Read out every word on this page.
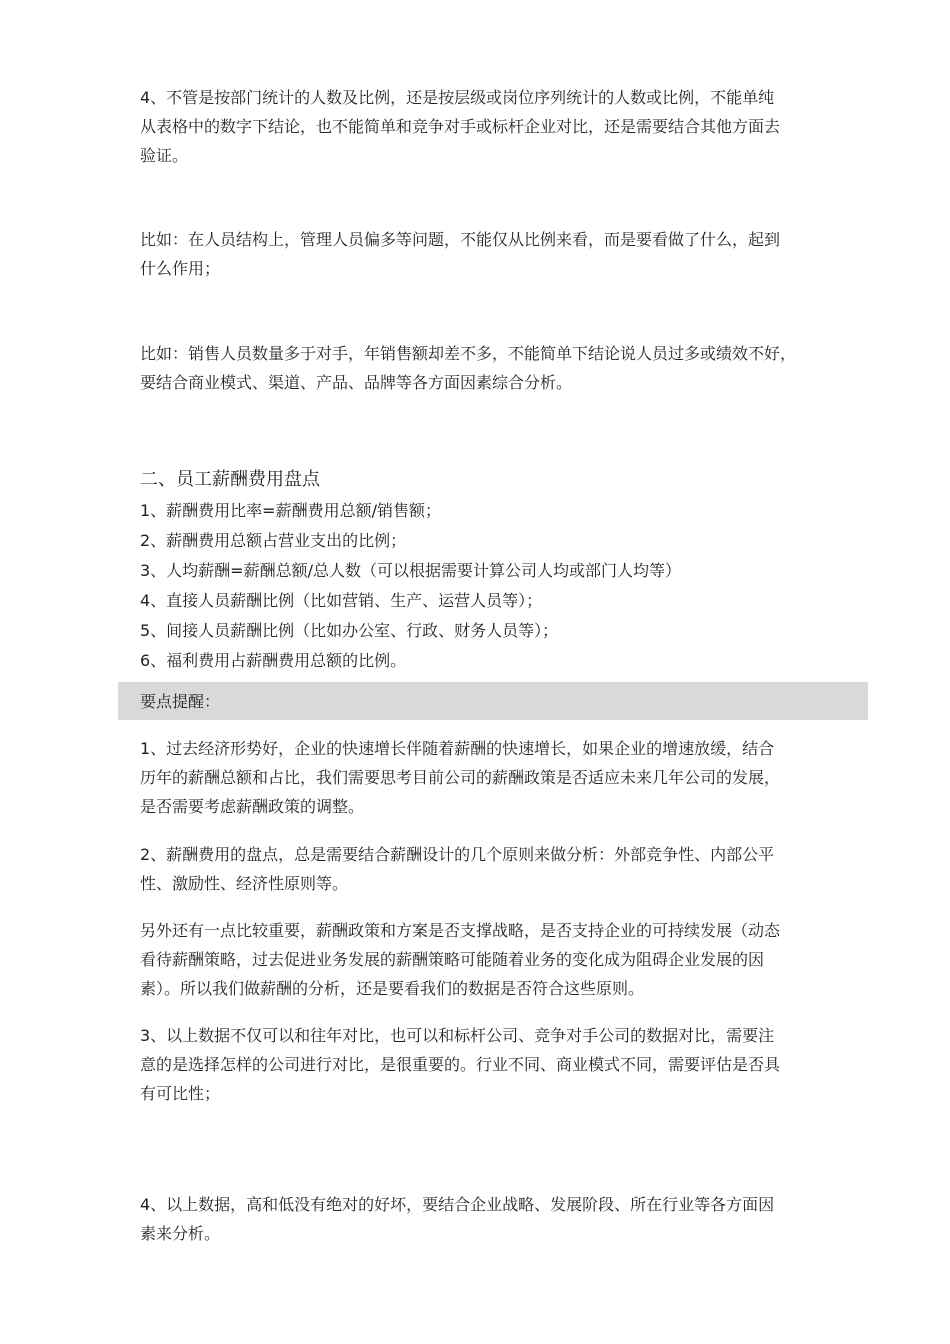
4、不管是按部门统计的人数及比例，还是按层级或岗位序列统计的人数或比例，不能单纯
从表格中的数字下结论，也不能简单和竞争对手或标杆企业对比，还是需要结合其他方面去
验证。
比如：在人员结构上，管理人员偏多等问题，不能仅从比例来看，而是要看做了什么，起到
什么作用；
比如：销售人员数量多于对手，年销售额却差不多，不能简单下结论说人员过多或绩效不好，
要结合商业模式、渠道、产品、品牌等各方面因素综合分析。
二、员工薪酬费用盘点
1、薪酬费用比率=薪酬费用总额/销售额；
2、薪酬费用总额占营业支出的比例；
3、人均薪酬=薪酬总额/总人数（可以根据需要计算公司人均或部门人均等）
4、直接人员薪酬比例（比如营销、生产、运营人员等）；
5、间接人员薪酬比例（比如办公室、行政、财务人员等）；
6、福利费用占薪酬费用总额的比例。
要点提醒：
1、过去经济形势好，企业的快速增长伴随着薪酬的快速增长，如果企业的增速放缓，结合
历年的薪酬总额和占比，我们需要思考目前公司的薪酬政策是否适应未来几年公司的发展，
是否需要考虑薪酬政策的调整。
2、薪酬费用的盘点，总是需要结合薪酬设计的几个原则来做分析：外部竞争性、内部公平
性、激励性、经济性原则等。
另外还有一点比较重要，薪酬政策和方案是否支撑战略，是否支持企业的可持续发展（动态
看待薪酬策略，过去促进业务发展的薪酬策略可能随着业务的变化成为阻碍企业发展的因
素）。所以我们做薪酬的分析，还是要看我们的数据是否符合这些原则。
3、以上数据不仅可以和往年对比，也可以和标杆公司、竞争对手公司的数据对比，需要注
意的是选择怎样的公司进行对比，是很重要的。行业不同、商业模式不同，需要评估是否具
有可比性；
4、以上数据，高和低没有绝对的好坏，要结合企业战略、发展阶段、所在行业等各方面因
素来分析。
